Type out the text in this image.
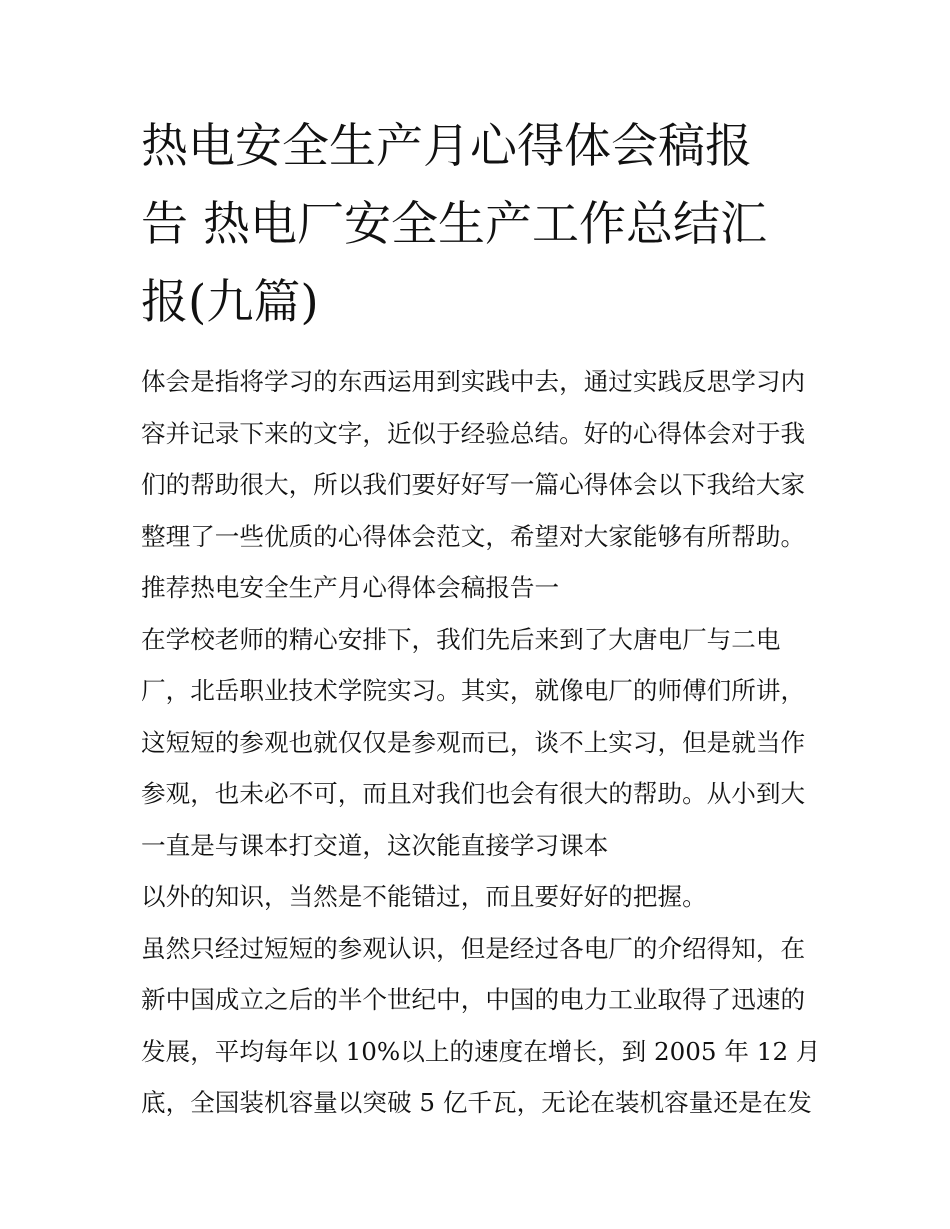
热电安全生产月心得体会稿报
告 热电厂安全生产工作总结汇
报(九篇)

体会是指将学习的东西运用到实践中去，通过实践反思学习内

容并记录下来的文字，近似于经验总结。好的心得体会对于我

们的帮助很大，所以我们要好好写一篇心得体会以下我给大家

整理了一些优质的心得体会范文，希望对大家能够有所帮助。

推荐热电安全生产月心得体会稿报告一

在学校老师的精心安排下，我们先后来到了大唐电厂与二电

厂，北岳职业技术学院实习。其实，就像电厂的师傅们所讲，

这短短的参观也就仅仅是参观而已，谈不上实习，但是就当作

参观，也未必不可，而且对我们也会有很大的帮助。从小到大

一直是与课本打交道，这次能直接学习课本

以外的知识，当然是不能错过，而且要好好的把握。

虽然只经过短短的参观认识，但是经过各电厂的介绍得知，在

新中国成立之后的半个世纪中，中国的电力工业取得了迅速的

发展，平均每年以 10%以上的速度在增长，到 2005 年 12 月

底，全国装机容量以突破 5 亿千瓦，无论在装机容量还是在发
